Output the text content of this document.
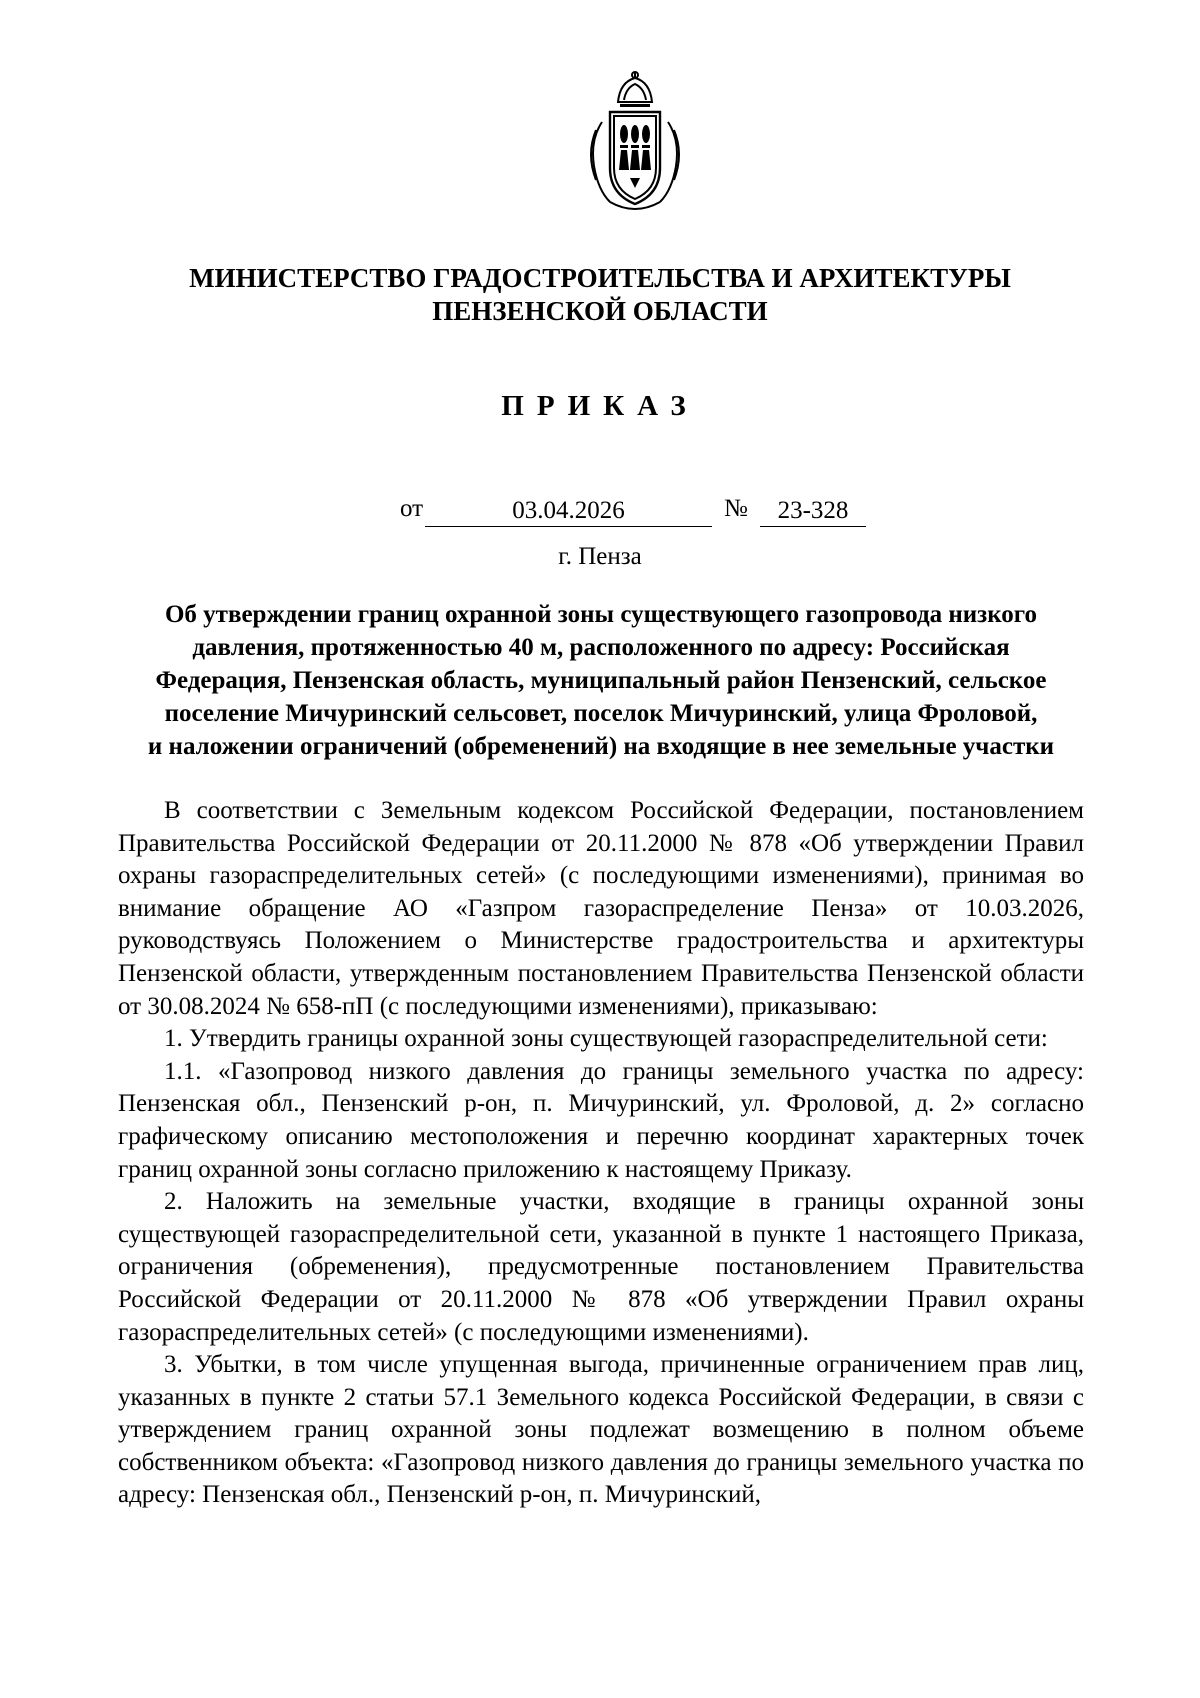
МИНИСТЕРСТВО ГРАДОСТРОИТЕЛЬСТВА И АРХИТЕКТУРЫ
ПЕНЗЕНСКОЙ ОБЛАСТИ
ПРИКАЗ
от	03.04.2026	№	23-328
г. Пенза
Об утверждении границ охранной зоны существующего газопровода низкого
давления, протяженностью 40 м, расположенного по адресу: Российская
Федерация, Пензенская область, муниципальный район Пензенский, сельское
поселение Мичуринский сельсовет, поселок Мичуринский, улица Фроловой,
и наложении ограничений (обременений) на входящие в нее земельные участки

В соответствии с Земельным кодексом Российской Федерации, постановлением Правительства Российской Федерации от 20.11.2000 № 878 «Об утверждении Правил охраны газораспределительных сетей» (с последующими изменениями), принимая во внимание обращение АО «Газпром газораспределение Пенза» от 10.03.2026, руководствуясь Положением о Министерстве градостроительства и архитектуры Пензенской области, утвержденным постановлением Правительства Пензенской области от 30.08.2024 № 658-пП (с последующими изменениями), приказываю:

1. Утвердить границы охранной зоны существующей газораспределительной сети:

1.1. «Газопровод низкого давления до границы земельного участка по адресу: Пензенская обл., Пензенский р-он, п. Мичуринский, ул. Фроловой, д. 2» согласно графическому описанию местоположения и перечню координат характерных точек границ охранной зоны согласно приложению к настоящему Приказу.

2. Наложить на земельные участки, входящие в границы охранной зоны существующей газораспределительной сети, указанной в пункте 1 настоящего Приказа, ограничения (обременения), предусмотренные постановлением Правительства Российской Федерации от 20.11.2000 № 878 «Об утверждении Правил охраны газораспределительных сетей» (с последующими изменениями).

3. Убытки, в том числе упущенная выгода, причиненные ограничением прав лиц, указанных в пункте 2 статьи 57.1 Земельного кодекса Российской Федерации, в связи с утверждением границ охранной зоны подлежат возмещению в полном объеме собственником объекта: «Газопровод низкого давления до границы земельного участка по адресу: Пензенская обл., Пензенский р-он, п. Мичуринский,
